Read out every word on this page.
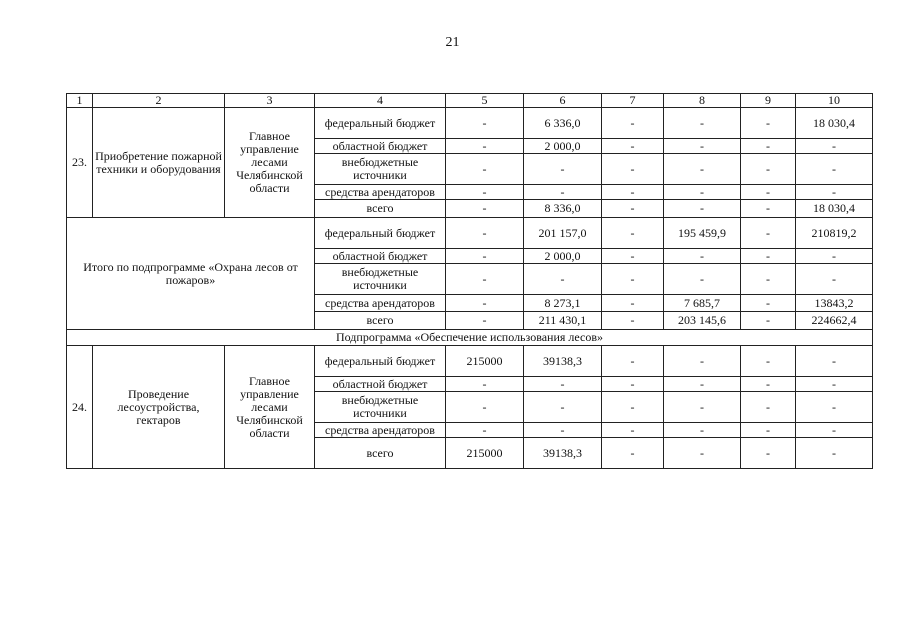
21
1	2	3	4	5	6	7	8	9	10
23.	Приобретение пожарной техники и оборудования	Главное управление лесами Челябинской области	федеральный бюджет	-	6 336,0	-	-	-	18 030,4
			областной бюджет	-	2 000,0	-	-	-	-
			внебюджетные источники	-	-	-	-	-	-
			средства арендаторов	-	-	-	-	-	-
			всего	-	8 336,0	-	-	-	18 030,4
Итого по подпрограмме «Охрана лесов от пожаров»			федеральный бюджет	-	201 157,0	-	195 459,9	-	210819,2
			областной бюджет	-	2 000,0	-	-	-	-
			внебюджетные источники	-	-	-	-	-	-
			средства арендаторов	-	8 273,1	-	7 685,7	-	13843,2
			всего	-	211 430,1	-	203 145,6	-	224662,4
Подпрограмма «Обеспечение использования лесов»									
24.	Проведение лесоустройства, гектаров	Главное управление лесами Челябинской области	федеральный бюджет	215000	39138,3	-	-	-	-
			областной бюджет	-	-	-	-	-	-
			внебюджетные источники	-	-	-	-	-	-
			средства арендаторов	-	-	-	-	-	-
			всего	215000	39138,3	-	-	-	-
